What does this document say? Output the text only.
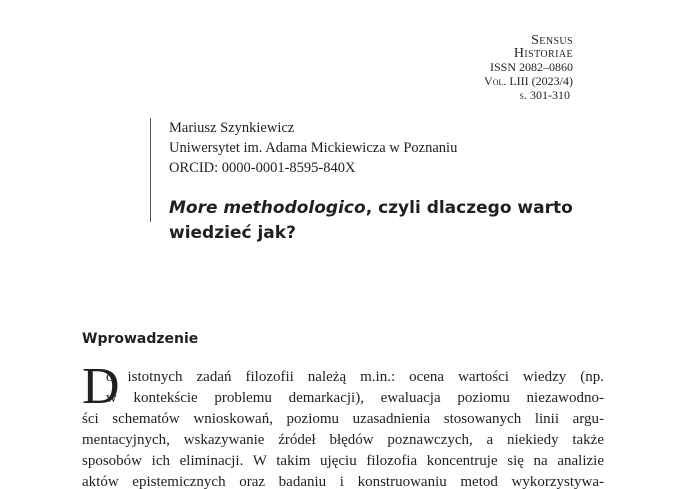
Sensus
Historiae
ISSN 2082–0860
Vol. LIII (2023/4)
s. 301-310
Mariusz Szynkiewicz
Uniwersytet im. Adama Mickiewicza w Poznaniu
ORCID: 0000-0001-8595-840X
More methodologico, czyli dlaczego warto
wiedzieć jak?
Wprowadzenie
D
o istotnych zadań filozofii należą m.in.: ocena wartości wiedzy (np.
w kontekście problemu demarkacji), ewaluacja poziomu niezawodno-
ści schematów wnioskowań, poziomu uzasadnienia stosowanych linii argu-
mentacyjnych, wskazywanie źródeł błędów poznawczych, a niekiedy także
sposobów ich eliminacji. W takim ujęciu filozofia koncentruje się na analizie
aktów epistemicznych oraz badaniu i konstruowaniu metod wykorzystywa-
